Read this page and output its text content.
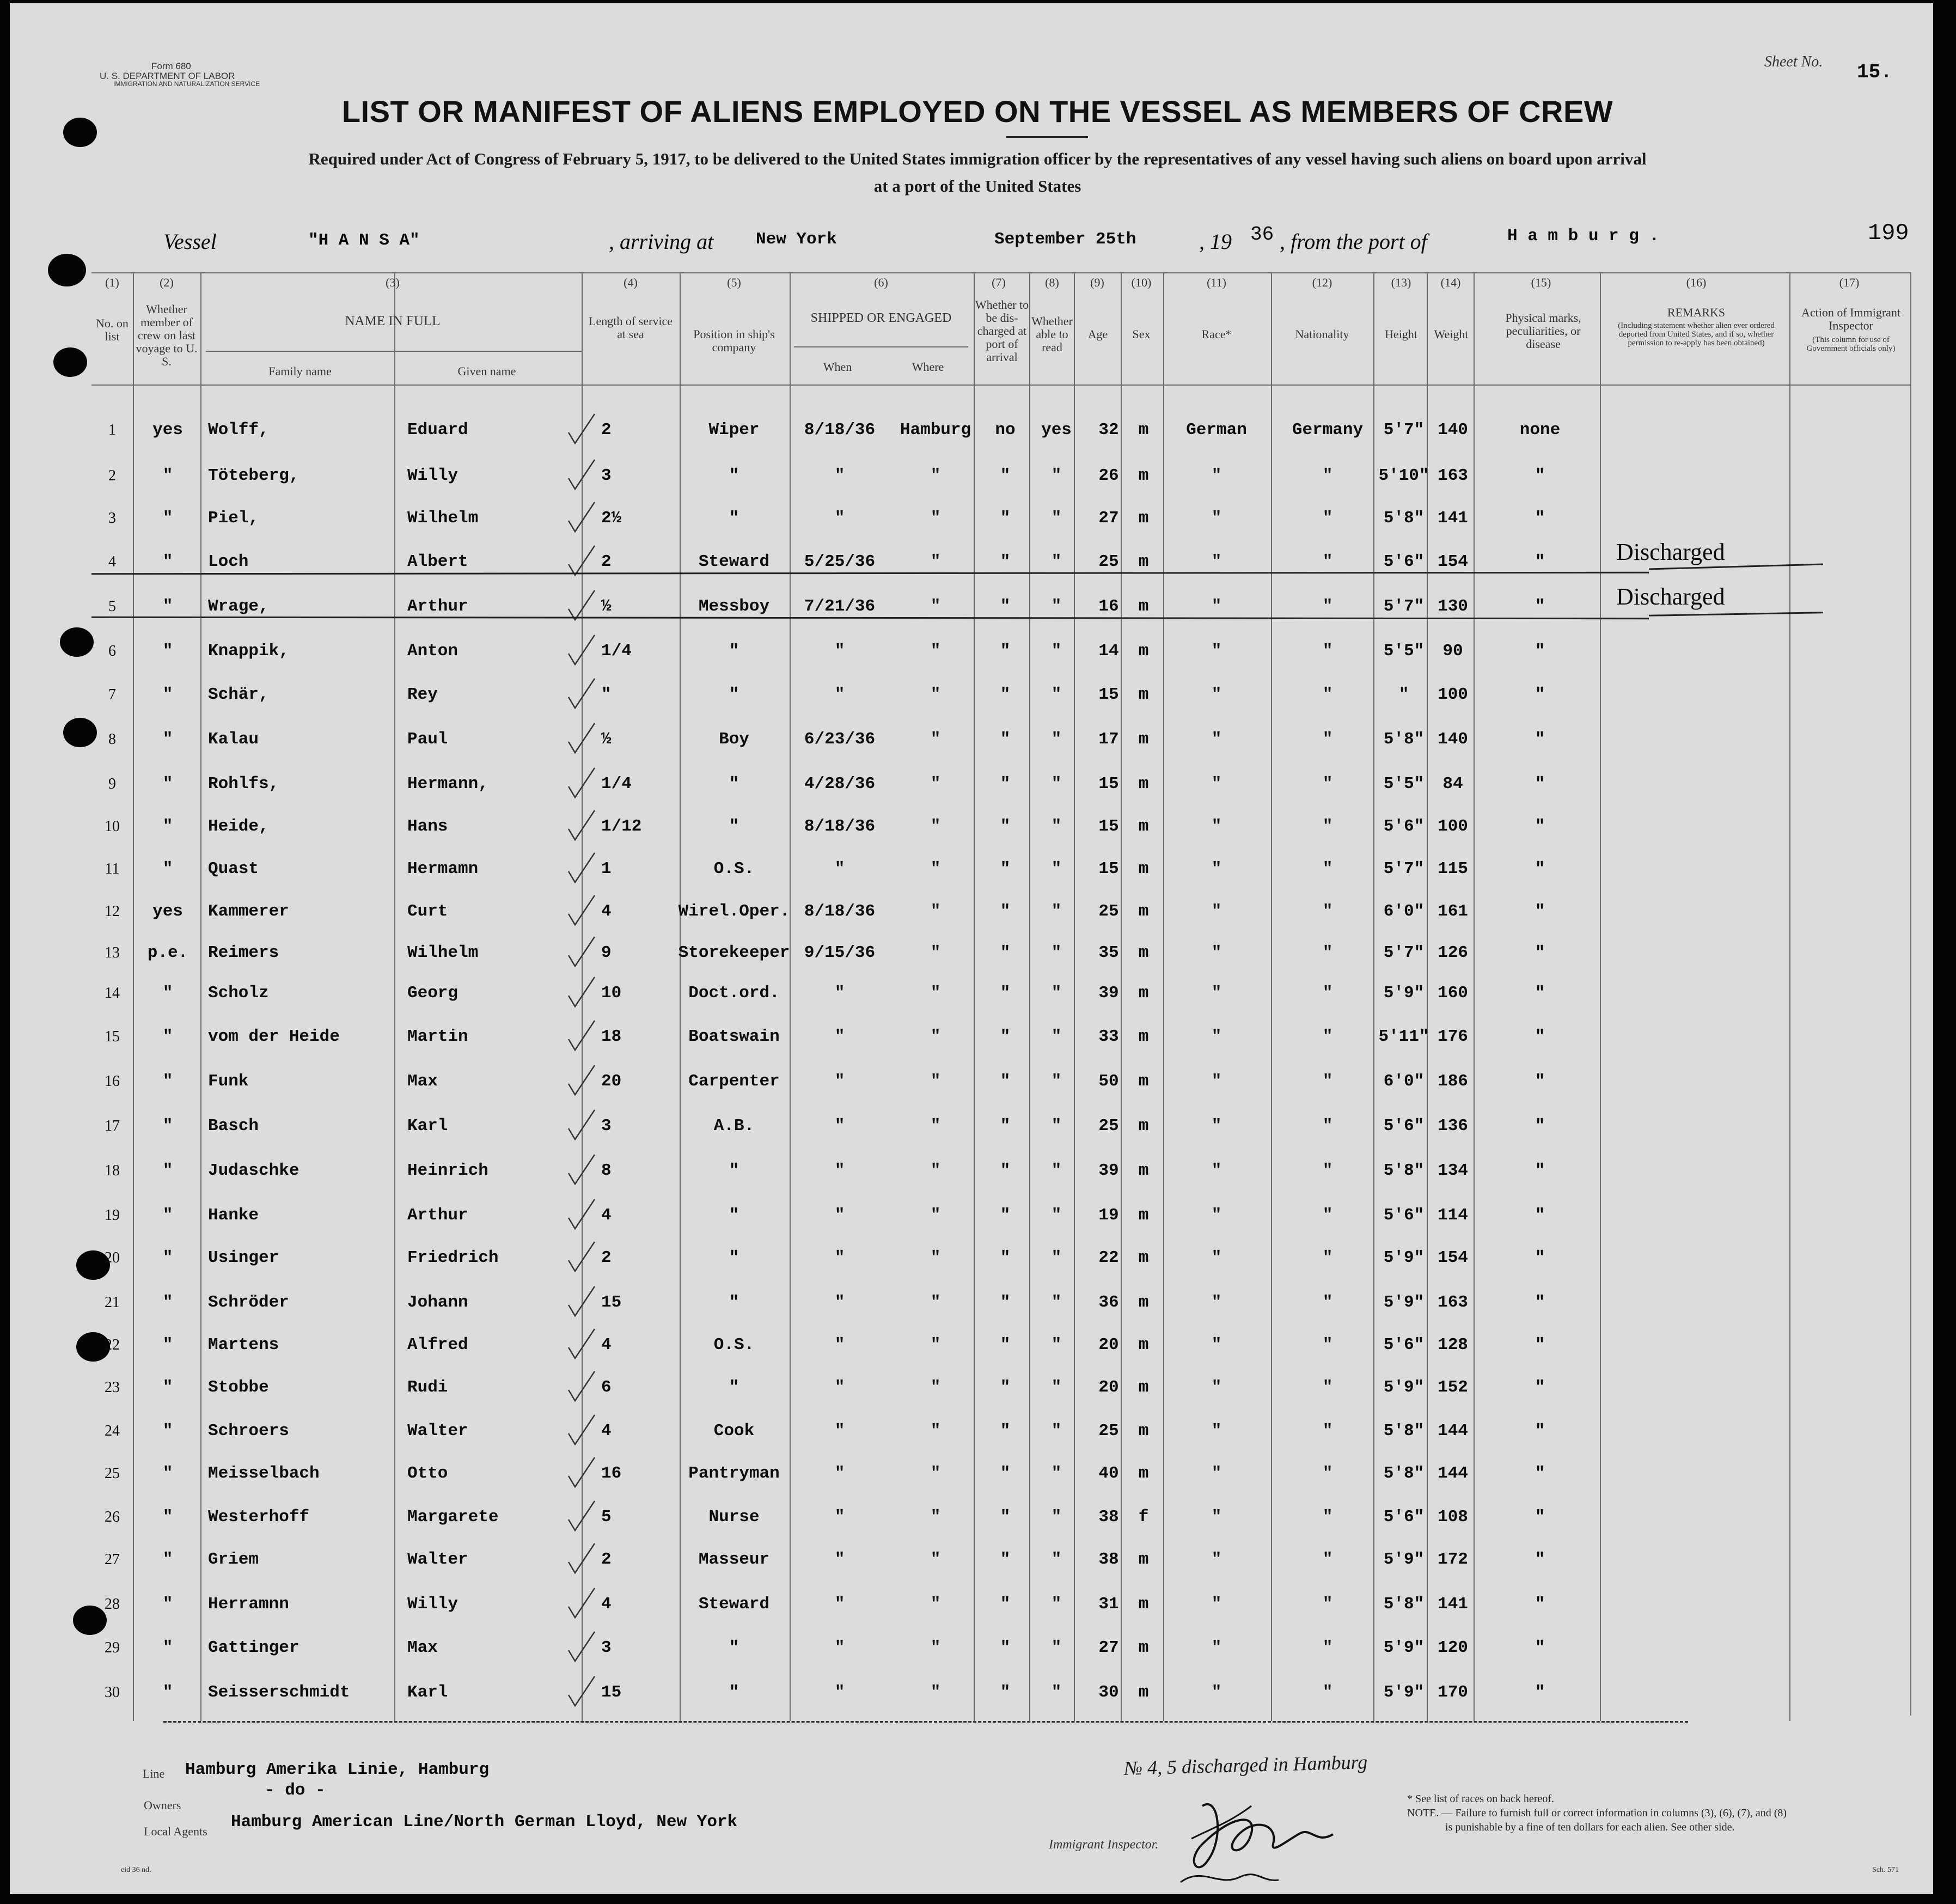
Form 680
U. S. DEPARTMENT OF LABOR
IMMIGRATION AND NATURALIZATION SERVICE
Sheet No. 15.
199
LIST OR MANIFEST OF ALIENS EMPLOYED ON THE VESSEL AS MEMBERS OF CREW
Required under Act of Congress of February 5, 1917, to be delivered to the United States immigration officer by the representatives of any vessel having such aliens on board upon arrival
at a port of the United States
Vessel	"H A N S A"	, arriving at	New York	September 25th	, 19 36 , from the port of	H a m b u r g .
(1)	(2)	(3)	(4)	(5)	(6)	(7)	(8)	(9) (10)	(11)	(12)	(13) (14)	(15)	(16)	(17)
No. on list
Whether member of crew on last voyage to U. S.
NAME IN FULL
Family name	Given name
Length of service at sea	Position in ship's company
SHIPPED OR ENGAGED
When	Where
Whether to be dis- charged at port of arrival
Whether able to read
Age	Sex	Race*	Nationality	Height	Weight
Physical marks, peculiarities, or disease
REMARKS
(Including statement whether alien ever ordered deported from United States, and if so, whether permission to re-apply has been obtained)
Action of Immigrant Inspector
(This column for use of Government officials only)
1 yes Wolff,	Eduard	2	Wiper	8/18/36 Hamburg no yes 32 m German	Germany 5'7" 140	none
2	" Töteberg,	Willy	3	"	"	"	" " 26 m	"	"	5'10" 163	"
3	" Piel,	Wilhelm	2½	"	"	"	" " 27 m	"	"	5'8" 141	"
4	" Loch	Albert	2	Steward 5/25/36	"	" " 25 m	"	"	5'6" 154	"	Discharged
5	" Wrage,	Arthur	½	Messboy 7/21/36	"	" " 16 m	"	"	5'7" 130	"	Discharged
6	" Knappik,	Anton	1/4	"	"	"	" " 14 m	"	"	5'5" 90	"
7	" Schär,	Rey	"	"	"	"	" " 15 m	"	"	" 100	"
8	" Kalau	Paul	½	Boy	6/23/36	"	" " 17 m	"	"	5'8" 140	"
9	" Rohlfs,	Hermann,	1/4	"	4/28/36	"	" " 15 m	"	"	5'5" 84	"
10	" Heide,	Hans	1/12	"	8/18/36	"	" " 15 m	"	"	5'6" 100	"
11	" Quast	Hermamn	1	O.S.	"	"	" " 15 m	"	"	5'7" 115	"
12 yes Kammerer	Curt	4	Wirel.Oper. 8/18/36	"	" " 25 m	"	"	6'0" 161	"
13 p.e. Reimers	Wilhelm	9	Storekeeper 9/15/36	"	" " 35 m	"	"	5'7" 126	"
14	" Scholz	Georg	10	Doct.ord.	"	"	" " 39 m	"	"	5'9" 160	"
15	" vom der Heide	Martin	18	Boatswain	"	"	" " 33 m	"	"	5'11" 176	"
16	" Funk	Max	20	Carpenter	"	"	" " 50 m	"	"	6'0" 186	"
17	" Basch	Karl	3	A.B.	"	"	" " 25 m	"	"	5'6" 136	"
18	" Judaschke	Heinrich	8	"	"	"	" " 39 m	"	"	5'8" 134	"
19	" Hanke	Arthur	4	"	"	"	" " 19 m	"	"	5'6" 114	"
20	" Usinger	Friedrich	2	"	"	"	" " 22 m	"	"	5'9" 154	"
21	" Schröder	Johann	15	"	"	"	" " 36 m	"	"	5'9" 163	"
22	" Martens	Alfred	4	O.S.	"	"	" " 20 m	"	"	5'6" 128	"
23	" Stobbe	Rudi	6	"	"	"	" " 20 m	"	"	5'9" 152	"
24	" Schroers	Walter	4	Cook	"	"	" " 25 m	"	"	5'8" 144	"
25	" Meisselbach	Otto	16	Pantryman	"	"	" " 40 m	"	"	5'8" 144	"
26	" Westerhoff	Margarete	5	Nurse	"	"	" " 38 f	"	"	5'6" 108	"
27	" Griem	Walter	2	Masseur	"	"	" " 38 m	"	"	5'9" 172	"
28	" Herramnn	Willy	4	Steward	"	"	" " 31 m	"	"	5'8" 141	"
29	" Gattinger	Max	3	"	"	"	" " 27 m	"	"	5'9" 120	"
30	" Seisserschmidt	Karl	15	"	"	"	" " 30 m	"	"	5'9" 170	"
Line Hamburg Amerika Linie, Hamburg
Owners
- do -
Local Agents Hamburg American Line/North German Lloyd, New York
№ 4, 5 discharged in Hamburg
Immigrant Inspector.
* See list of races on back hereof.
NOTE. — Failure to furnish full or correct information in columns (3), (6), (7), and (8)
is punishable by a fine of ten dollars for each alien. See other side.
eid 36 nd.	Sch. 571
